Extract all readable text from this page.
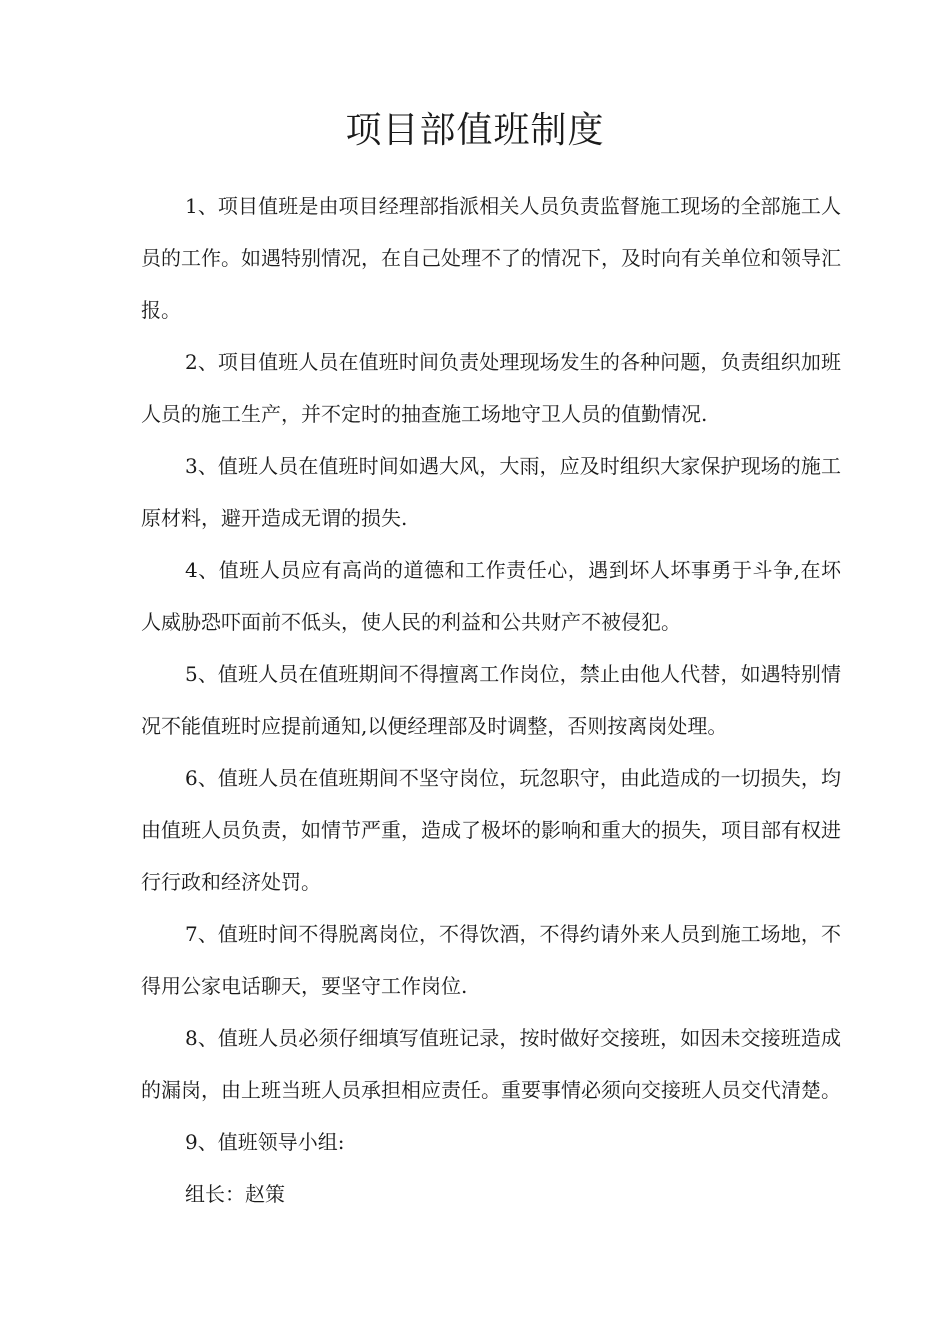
项目部值班制度

1、项目值班是由项目经理部指派相关人员负责监督施工现场的全部施工人员的工作。如遇特别情况，在自己处理不了的情况下，及时向有关单位和领导汇报。

2、项目值班人员在值班时间负责处理现场发生的各种问题，负责组织加班人员的施工生产，并不定时的抽查施工场地守卫人员的值勤情况.

3、值班人员在值班时间如遇大风，大雨，应及时组织大家保护现场的施工原材料，避开造成无谓的损失.

4、值班人员应有高尚的道德和工作责任心，遇到坏人坏事勇于斗争,在坏人威胁恐吓面前不低头，使人民的利益和公共财产不被侵犯。

5、值班人员在值班期间不得擅离工作岗位，禁止由他人代替，如遇特别情况不能值班时应提前通知,以便经理部及时调整，否则按离岗处理。

6、值班人员在值班期间不坚守岗位，玩忽职守，由此造成的一切损失，均由值班人员负责，如情节严重，造成了极坏的影响和重大的损失，项目部有权进行行政和经济处罚。

7、值班时间不得脱离岗位，不得饮酒，不得约请外来人员到施工场地，不得用公家电话聊天，要坚守工作岗位.

8、值班人员必须仔细填写值班记录，按时做好交接班，如因未交接班造成的漏岗，由上班当班人员承担相应责任。重要事情必须向交接班人员交代清楚。

9、值班领导小组:

组长：赵策
